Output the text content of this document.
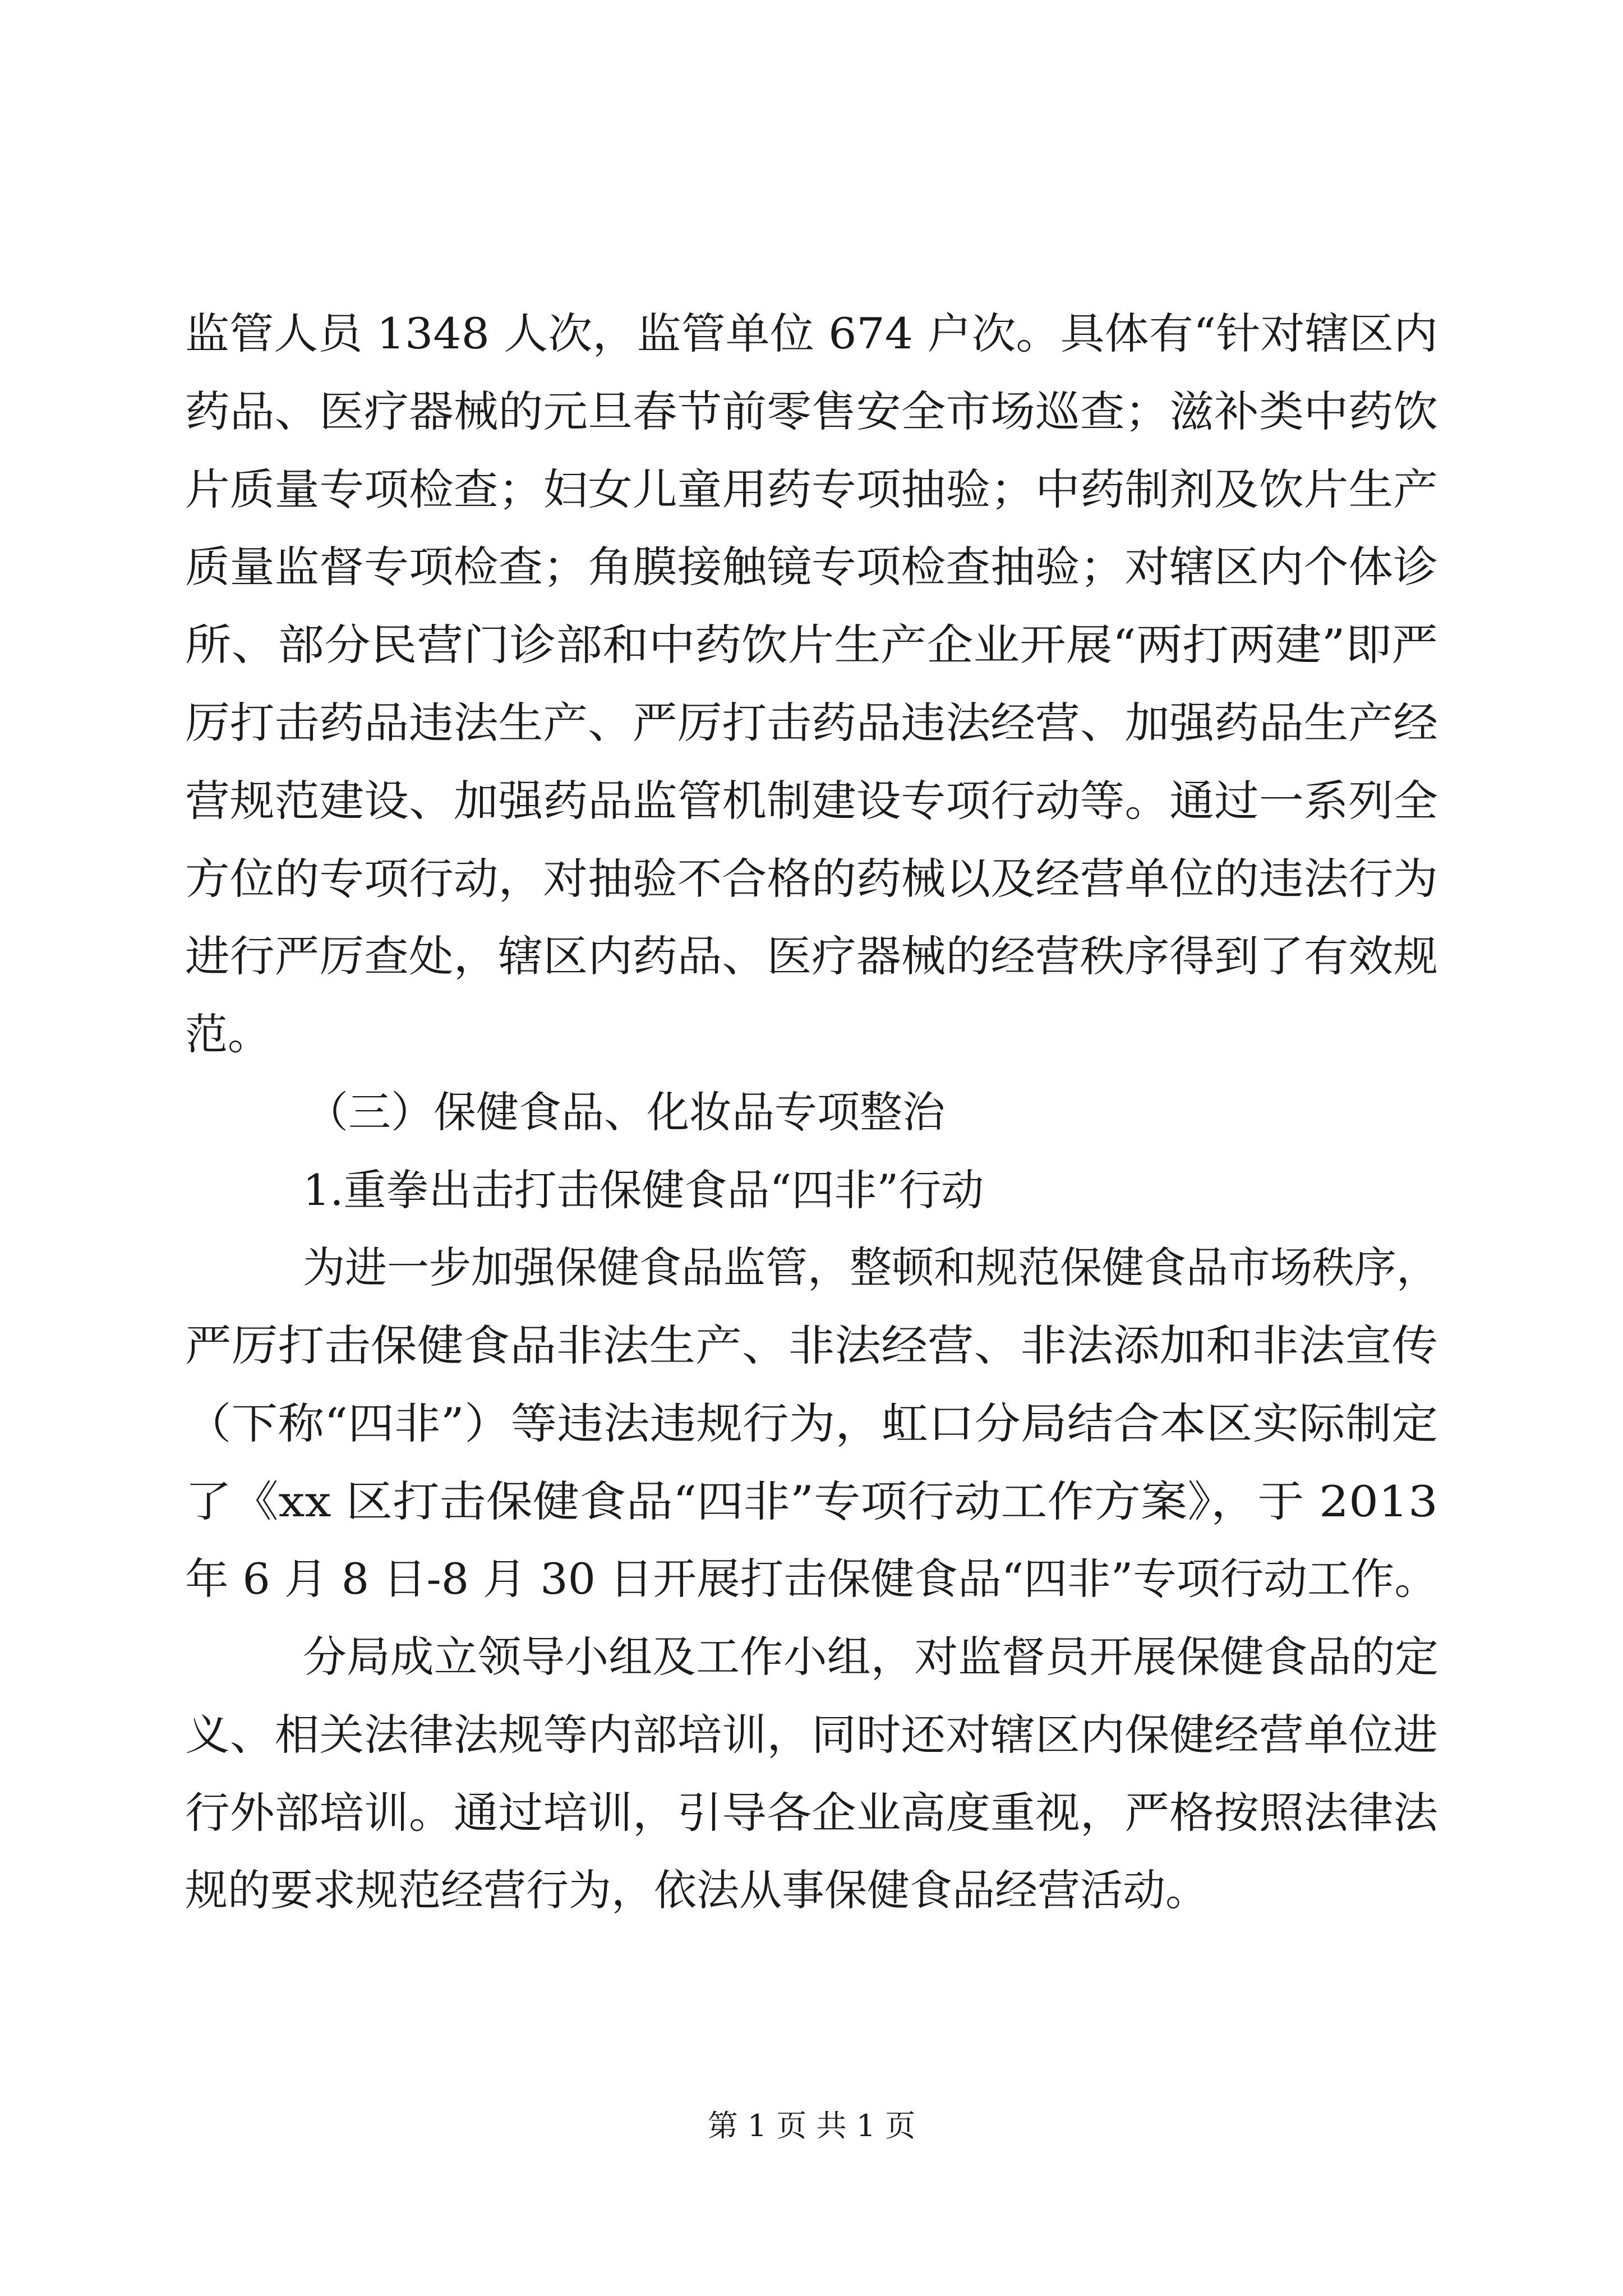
监管人员 1348 人次，监管单位 674 户次。具体有“针对辖区内
药品、医疗器械的元旦春节前零售安全市场巡查；滋补类中药饮
片质量专项检查；妇女儿童用药专项抽验；中药制剂及饮片生产
质量监督专项检查；角膜接触镜专项检查抽验；对辖区内个体诊
所、部分民营门诊部和中药饮片生产企业开展“两打两建”即严
厉打击药品违法生产、严厉打击药品违法经营、加强药品生产经
营规范建设、加强药品监管机制建设专项行动等。通过一系列全
方位的专项行动，对抽验不合格的药械以及经营单位的违法行为
进行严厉查处，辖区内药品、医疗器械的经营秩序得到了有效规
范。
（三）保健食品、化妆品专项整治
1.重拳出击打击保健食品“四非”行动
为进一步加强保健食品监管，整顿和规范保健食品市场秩序，
严厉打击保健食品非法生产、非法经营、非法添加和非法宣传
（下称“四非”）等违法违规行为，虹口分局结合本区实际制定
了《xx 区打击保健食品“四非”专项行动工作方案》，于 2013
年 6 月 8 日-8 月 30 日开展打击保健食品“四非”专项行动工作。
分局成立领导小组及工作小组，对监督员开展保健食品的定
义、相关法律法规等内部培训，同时还对辖区内保健经营单位进
行外部培训。通过培训，引导各企业高度重视，严格按照法律法
规的要求规范经营行为，依法从事保健食品经营活动。
第 1 页 共 1 页
